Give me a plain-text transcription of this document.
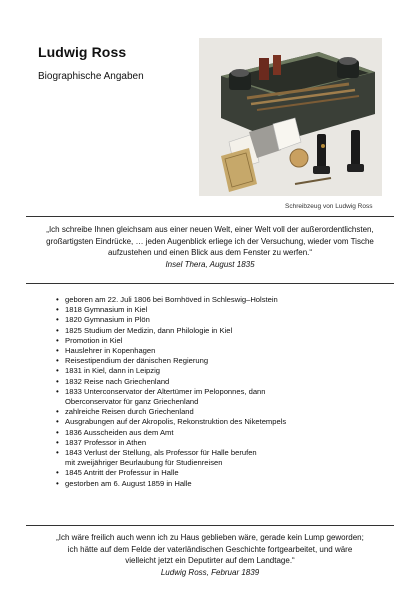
Ludwig Ross
Biographische Angaben
Schreibzeug von Ludwig Ross
„Ich schreibe Ihnen gleichsam aus einer neuen Welt, einer Welt voll der außerordentlichsten,
großartigsten Eindrücke, … jeden Augenblick erliege ich der Versuchung, wieder vom Tische
aufzustehen und einen Blick aus dem Fenster zu werfen.“
Insel Thera, August 1835
• geboren am 22. Juli 1806 bei Bornhöved in Schleswig–Holstein
• 1818 Gymnasium in Kiel
• 1820 Gymnasium in Plön
• 1825 Studium der Medizin, dann Philologie in Kiel
• Promotion in Kiel
• Hauslehrer in Kopenhagen
• Reisestipendium der dänischen Regierung
• 1831 in Kiel, dann in Leipzig
• 1832 Reise nach Griechenland
• 1833 Unterconservator der Altertümer im Peloponnes, dann
Oberconservator für ganz Griechenland
• zahlreiche Reisen durch Griechenland
• Ausgrabungen auf der Akropolis, Rekonstruktion des Niketempels
• 1836 Ausscheiden aus dem Amt
• 1837 Professor in Athen
• 1843 Verlust der Stellung, als Professor für Halle berufen
mit zweijähriger Beurlaubung für Studienreisen
• 1845 Antritt der Professur in Halle
• gestorben am 6. August 1859 in Halle
„Ich wäre freilich auch wenn ich zu Haus geblieben wäre, gerade kein Lump geworden;
ich hätte auf dem Felde der vaterländischen Geschichte fortgearbeitet, und wäre
vielleicht jetzt ein Deputirter auf dem Landtage.“
Ludwig Ross, Februar 1839
